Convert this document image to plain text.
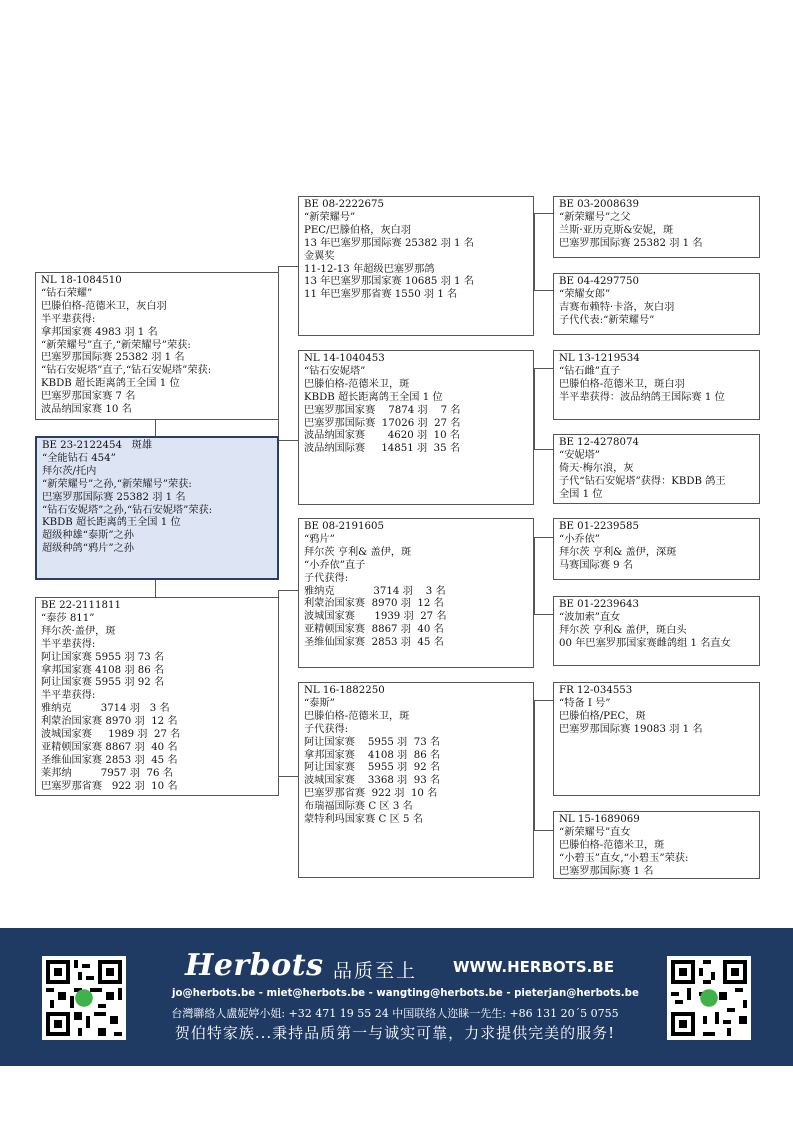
NL 18-1084510
“钻石荣耀”
巴滕伯格-范德米卫，灰白羽
半平辈获得:
拿邦国家赛 4983 羽 1 名
“新荣耀号”直子,“新荣耀号”荣获:
巴塞罗那国际赛 25382 羽 1 名
“钻石安妮塔”直子,“钻石安妮塔”荣获:
KBDB 超长距离鸽王全国 1 位
巴塞罗那国家赛 7 名
波品纳国家赛 10 名
BE 23-2122454   斑雄
“全能钻石 454”
拜尔茨/托内
“新荣耀号”之孙,“新荣耀号”荣获:
巴塞罗那国际赛 25382 羽 1 名
“钻石安妮塔”之孙,“钻石安妮塔”荣获:
KBDB 超长距离鸽王全国 1 位
超级种雄“泰斯”之孙
超级种鸽“鸦片”之孙
BE 22-2111811
“泰莎 811”
拜尔茨·盖伊，斑
半平辈获得:
阿让国家赛 5955 羽 73 名
拿邦国家赛 4108 羽 86 名
阿让国家赛 5955 羽 92 名
半平辈获得:
雅纳克         3714 羽   3 名
利蒙治国家赛 8970 羽  12 名
波城国家赛     1989 羽  27 名
亚精顿国家赛 8867 羽  40 名
圣维仙国家赛 2853 羽  45 名
莱邦纳         7957 羽  76 名
巴塞罗那省赛   922 羽  10 名
BE 08-2222675
“新荣耀号”
PEC/巴滕伯格，灰白羽
13 年巴塞罗那国际赛 25382 羽 1 名
金翼奖
11-12-13 年超级巴塞罗那鸽
13 年巴塞罗那国家赛 10685 羽 1 名
11 年巴塞罗那省赛 1550 羽 1 名
NL 14-1040453
“钻石安妮塔”
巴滕伯格-范德米卫，斑
KBDB 超长距离鸽王全国 1 位
巴塞罗那国家赛    7874 羽    7 名
巴塞罗那国际赛  17026 羽  27 名
波品纳国家赛       4620 羽  10 名
波品纳国际赛     14851 羽  35 名
BE 08-2191605
“鸦片”
拜尔茨 亨利& 盖伊，斑
“小乔依”直子
子代获得:
雅纳克            3714 羽    3 名
利蒙治国家赛  8970 羽  12 名
波城国家赛      1939 羽  27 名
亚精顿国家赛  8867 羽  40 名
圣维仙国家赛  2853 羽  45 名
NL 16-1882250
“泰斯”
巴滕伯格-范德米卫，斑
子代获得:
阿让国家赛    5955 羽  73 名
拿邦国家赛    4108 羽  86 名
阿让国家赛    5955 羽  92 名
波城国家赛    3368 羽  93 名
巴塞罗那省赛  922 羽  10 名
布瑞福国际赛 C 区 3 名
蒙特利玛国家赛 C 区 5 名
BE 03-2008639
“新荣耀号”之父
兰斯·亚历克斯&安妮，斑
巴塞罗那国际赛 25382 羽 1 名
BE 04-4297750
“荣耀女郎”
吉赛布赖特·卡洛，灰白羽
子代代表:“新荣耀号”
NL 13-1219534
“钻石雌”直子
巴滕伯格-范德米卫，斑白羽
半平辈获得：波品纳鸽王国际赛 1 位
BE 12-4278074
“安妮塔”
倚天·梅尔浪，灰
子代“钻石安妮塔”获得：KBDB 鸽王
全国 1 位
BE 01-2239585
“小乔依”
拜尔茨 亨利& 盖伊，深斑
马赛国际赛 9 名
BE 01-2239643
“波加索”直女
拜尔茨 亨利& 盖伊，斑白头
00 年巴塞罗那国家赛雌鸽组 1 名直女
FR 12-034553
“特备 I 号”
巴滕伯格/PEC，斑
巴塞罗那国际赛 19083 羽 1 名
NL 15-1689069
“新荣耀号”直女
巴滕伯格-范德米卫，斑
“小碧玉”直女,“小碧玉”荣获:
巴塞罗那国际赛 1 名
Herbots 品质至上 WWW.HERBOTS.BE
jo@herbots.be - miet@herbots.be - wangting@herbots.be - pieterjan@herbots.be
台灣聯絡人盧妮婷小姐: +32 471 19 55 24 中国联络人迩睐一先生: +86 131 20´5 0755
贺伯特家族...秉持品质第一与诚实可靠，力求提供完美的服务!
